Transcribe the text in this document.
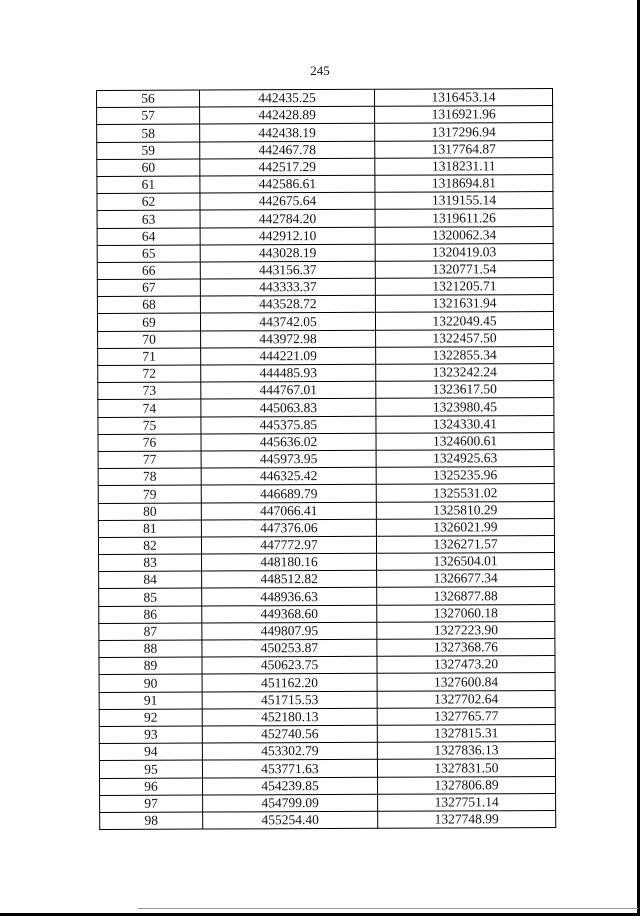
245
56	442435.25	1316453.14
57	442428.89	1316921.96
58	442438.19	1317296.94
59	442467.78	1317764.87
60	442517.29	1318231.11
61	442586.61	1318694.81
62	442675.64	1319155.14
63	442784.20	1319611.26
64	442912.10	1320062.34
65	443028.19	1320419.03
66	443156.37	1320771.54
67	443333.37	1321205.71
68	443528.72	1321631.94
69	443742.05	1322049.45
70	443972.98	1322457.50
71	444221.09	1322855.34
72	444485.93	1323242.24
73	444767.01	1323617.50
74	445063.83	1323980.45
75	445375.85	1324330.41
76	445636.02	1324600.61
77	445973.95	1324925.63
78	446325.42	1325235.96
79	446689.79	1325531.02
80	447066.41	1325810.29
81	447376.06	1326021.99
82	447772.97	1326271.57
83	448180.16	1326504.01
84	448512.82	1326677.34
85	448936.63	1326877.88
86	449368.60	1327060.18
87	449807.95	1327223.90
88	450253.87	1327368.76
89	450623.75	1327473.20
90	451162.20	1327600.84
91	451715.53	1327702.64
92	452180.13	1327765.77
93	452740.56	1327815.31
94	453302.79	1327836.13
95	453771.63	1327831.50
96	454239.85	1327806.89
97	454799.09	1327751.14
98	455254.40	1327748.99
